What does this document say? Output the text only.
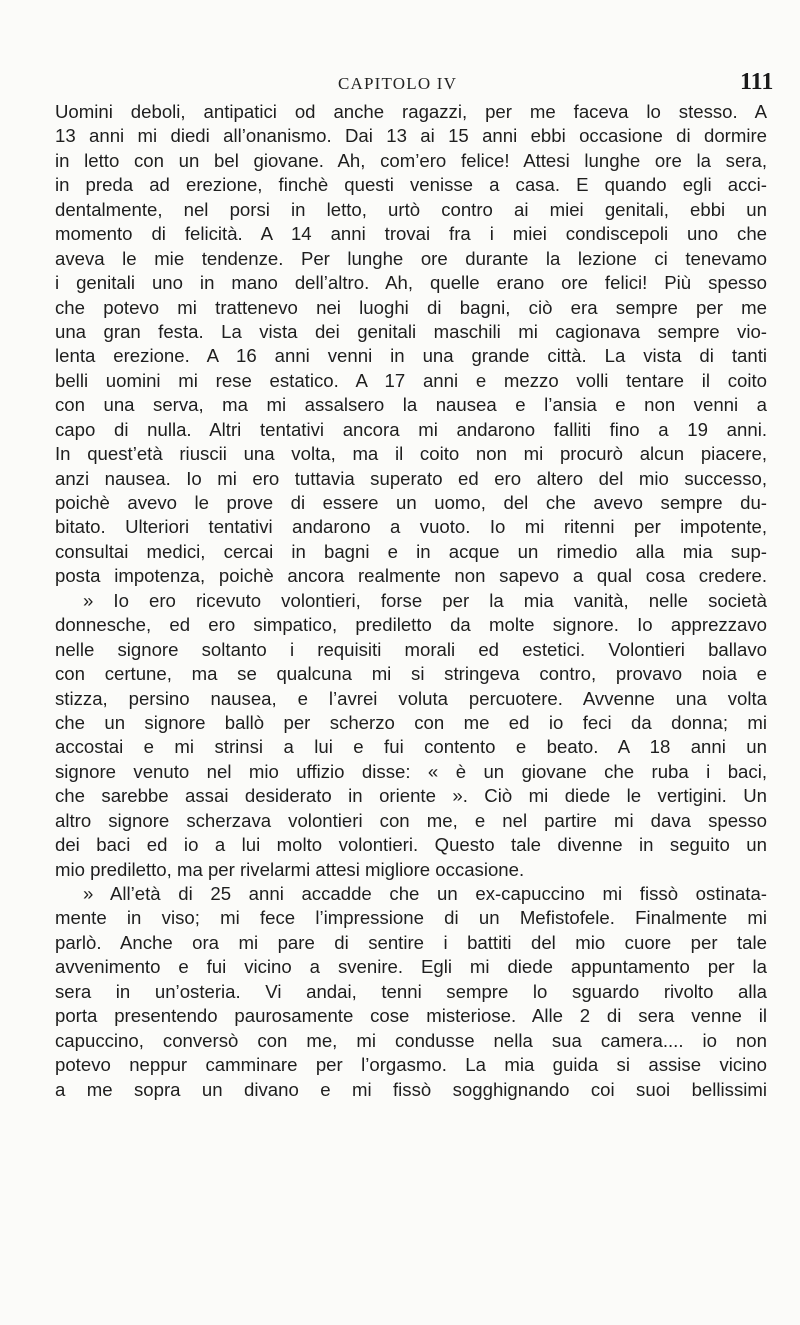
CAPITOLO IV	111
Uomini deboli, antipatici od anche ragazzi, per me faceva lo stesso. A
13 anni mi diedi all’onanismo. Dai 13 ai 15 anni ebbi occasione di dormire
in letto con un bel giovane. Ah, com’ero felice! Attesi lunghe ore la sera,
in preda ad erezione, finchè questi venisse a casa. E quando egli acci-
dentalmente, nel porsi in letto, urtò contro ai miei genitali, ebbi un
momento di felicità. A 14 anni trovai fra i miei condiscepoli uno che
aveva le mie tendenze. Per lunghe ore durante la lezione ci tenevamo
i genitali uno in mano dell’altro. Ah, quelle erano ore felici! Più spesso
che potevo mi trattenevo nei luoghi di bagni, ciò era sempre per me
una gran festa. La vista dei genitali maschili mi cagionava sempre vio-
lenta erezione. A 16 anni venni in una grande città. La vista di tanti
belli uomini mi rese estatico. A 17 anni e mezzo volli tentare il coito
con una serva, ma mi assalsero la nausea e l’ansia e non venni a
capo di nulla. Altri tentativi ancora mi andarono falliti fino a 19 anni.
In quest’età riuscii una volta, ma il coito non mi procurò alcun piacere,
anzi nausea. Io mi ero tuttavia superato ed ero altero del mio successo,
poichè avevo le prove di essere un uomo, del che avevo sempre du-
bitato. Ulteriori tentativi andarono a vuoto. Io mi ritenni per impotente,
consultai medici, cercai in bagni e in acque un rimedio alla mia sup-
posta impotenza, poichè ancora realmente non sapevo a qual cosa credere.
» Io ero ricevuto volontieri, forse per la mia vanità, nelle società
donnesche, ed ero simpatico, prediletto da molte signore. Io apprezzavo
nelle signore soltanto i requisiti morali ed estetici. Volontieri ballavo
con certune, ma se qualcuna mi si stringeva contro, provavo noia e
stizza, persino nausea, e l’avrei voluta percuotere. Avvenne una volta
che un signore ballò per scherzo con me ed io feci da donna; mi
accostai e mi strinsi a lui e fui contento e beato. A 18 anni un
signore venuto nel mio uffizio disse: « è un giovane che ruba i baci,
che sarebbe assai desiderato in oriente ». Ciò mi diede le vertigini. Un
altro signore scherzava volontieri con me, e nel partire mi dava spesso
dei baci ed io a lui molto volontieri. Questo tale divenne in seguito un
mio prediletto, ma per rivelarmi attesi migliore occasione.
» All’età di 25 anni accadde che un ex-capuccino mi fissò ostinata-
mente in viso; mi fece l’impressione di un Mefistofele. Finalmente mi
parlò. Anche ora mi pare di sentire i battiti del mio cuore per tale
avvenimento e fui vicino a svenire. Egli mi diede appuntamento per la
sera in un’osteria. Vi andai, tenni sempre lo sguardo rivolto alla
porta presentendo paurosamente cose misteriose. Alle 2 di sera venne il
capuccino, conversò con me, mi condusse nella sua camera.... io non
potevo neppur camminare per l’orgasmo. La mia guida si assise vicino
a me sopra un divano e mi fissò sogghignando coi suoi bellissimi
